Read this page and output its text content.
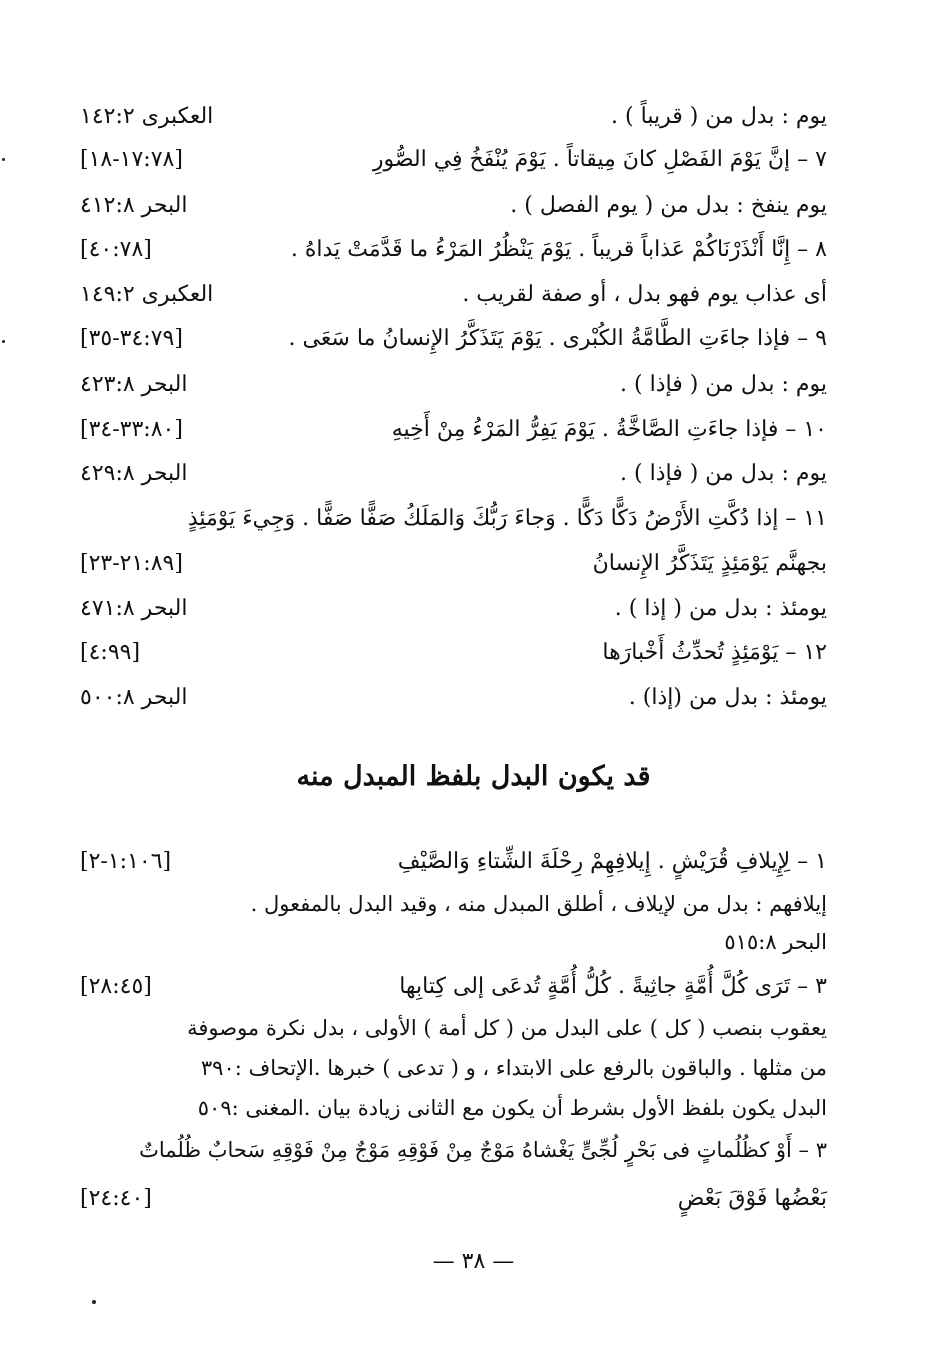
العكبرى ١٤٢:٢	يوم : بدل من ( قريباً ) .
[١٧:٧٨-١٨]	٧ – إنَّ يَوْمَ الفَصْلِ كانَ مِيقاتاً . يَوْمَ يُنْفَخُ فِي الصُّورِ
البحر ٤١٢:٨	يوم ينفخ : بدل من ( يوم الفصل ) .
[٤٠:٧٨]	٨ – إِنَّا أَنْذَرْنَاكُمْ عَذاباً قريباً . يَوْمَ يَنْظُرُ المَرْءُ ما قَدَّمَتْ يَداهُ .
العكبرى ١٤٩:٢	أى عذاب يوم فهو بدل ، أو صفة لقريب .
[٣٤:٧٩-٣٥]	٩ – فإذا جاءَتِ الطَّامَّةُ الكُبْرى . يَوْمَ يَتَذَكَّرُ الإِنسانُ ما سَعَى .
البحر ٤٢٣:٨	يوم : بدل من ( فإذا ) .
[٣٣:٨٠-٣٤]	١٠ – فإذا جاءَتِ الصَّاخَّةُ . يَوْمَ يَفِرُّ المَرْءُ مِنْ أَخِيهِ
البحر ٤٢٩:٨	يوم : بدل من ( فإذا ) .
١١ – إذا دُكَّتِ الأَرْضُ دَكًّا دَكًّا . وَجاءَ رَبُّكَ وَالمَلَكُ صَفًّا صَفًّا . وَجِيءَ يَوْمَئِذٍ
[٢١:٨٩-٢٣]	بجهنَّم يَوْمَئِذٍ يَتَذَكَّرُ الإِنسانُ
البحر ٤٧١:٨	يومئذ : بدل من ( إذا ) .
[٤:٩٩]	١٢ – يَوْمَئِذٍ تُحدِّثُ أَخْبارَها
البحر ٥٠٠:٨	يومئذ : بدل من (إذا) .
قد يكون البدل بلفظ المبدل منه
[١:١٠٦-٢]	١ – لِإِيلافِ قُرَيْشٍ . إِيلافِهِمْ رِحْلَةَ الشِّتاءِ وَالصَّيْفِ
إيلافهم : بدل من لإيلاف ، أطلق المبدل منه ، وقيد البدل بالمفعول .
البحر ٥١٥:٨
[٢٨:٤٥]	٣ – تَرَى كُلَّ أُمَّةٍ جاثِيةً . كُلُّ أُمَّةٍ تُدعَى إلى كِتابِها
يعقوب بنصب ( كل ) على البدل من ( كل أمة ) الأولى ، بدل نكرة موصوفة
من مثلها . والباقون بالرفع على الابتداء ، و ( تدعى ) خبرها .الإتحاف :٣٩٠
البدل يكون بلفظ الأول بشرط أن يكون مع الثانى زيادة بيان .المغنى :٥٠٩
٣ – أَوْ كظُلُماتٍ فى بَحْرٍ لُجِّىٍّ يَغْشاهُ مَوْجٌ مِنْ فَوْقِهِ مَوْجٌ مِنْ فَوْقِهِ سَحابٌ ظُلُماتٌ
[٢٤:٤٠]	بَعْضُها فَوْقَ بَعْضٍ
— ٣٨ —
